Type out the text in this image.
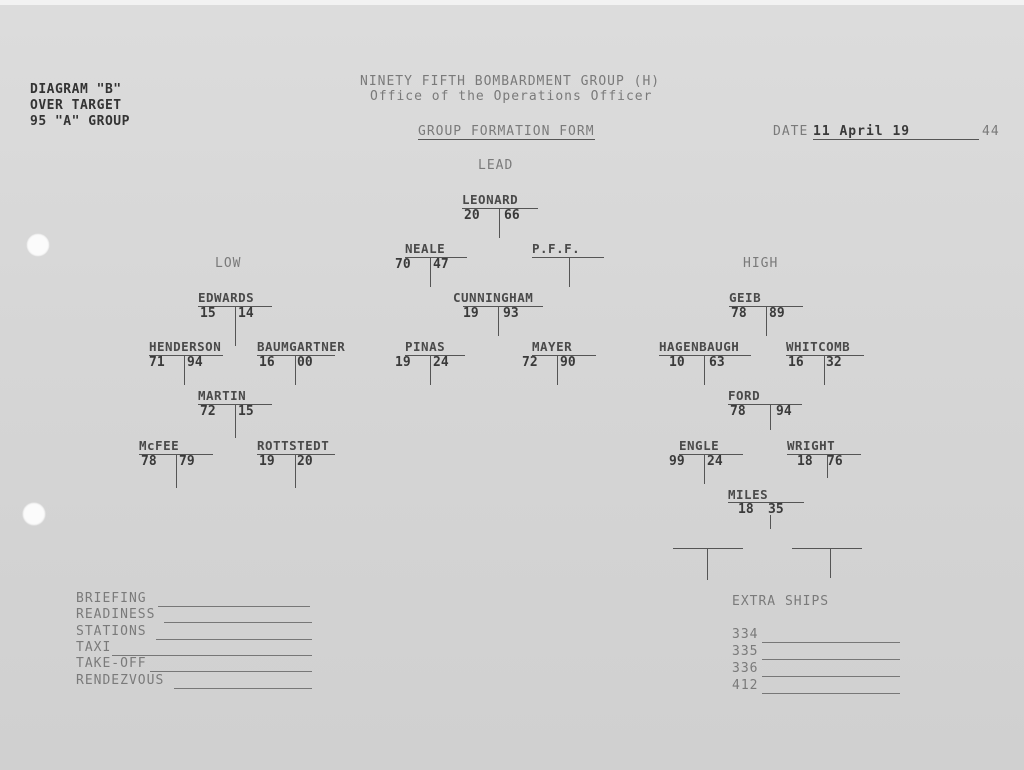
DIAGRAM "B"
OVER TARGET
95 "A" GROUP
NINETY FIFTH BOMBARDMENT GROUP (H)
Office of the Operations Officer
GROUP FORMATION FORM	DATE 11 April 19	44
LEAD
LOW	HIGH
LEONARD
20 66
NEALE
70 47
P.F.F.
CUNNINGHAM
19 93
PINAS
19 24
MAYER
72 90
EDWARDS
15 14
HENDERSON
71 94
BAUMGARTNER
16 00
MARTIN
72 15
McFEE
78 79
ROTTSTEDT
19 20
GEIB
78 89
HAGENBAUGH
10 63
WHITCOMB
16 32
FORD
78 94
ENGLE
99 24
WRIGHT
18 76
MILES
18 35
BRIEFING
READINESS
STATIONS
TAXI
TAKE-OFF
RENDEZVOUS
EXTRA SHIPS
334
335
336
412
